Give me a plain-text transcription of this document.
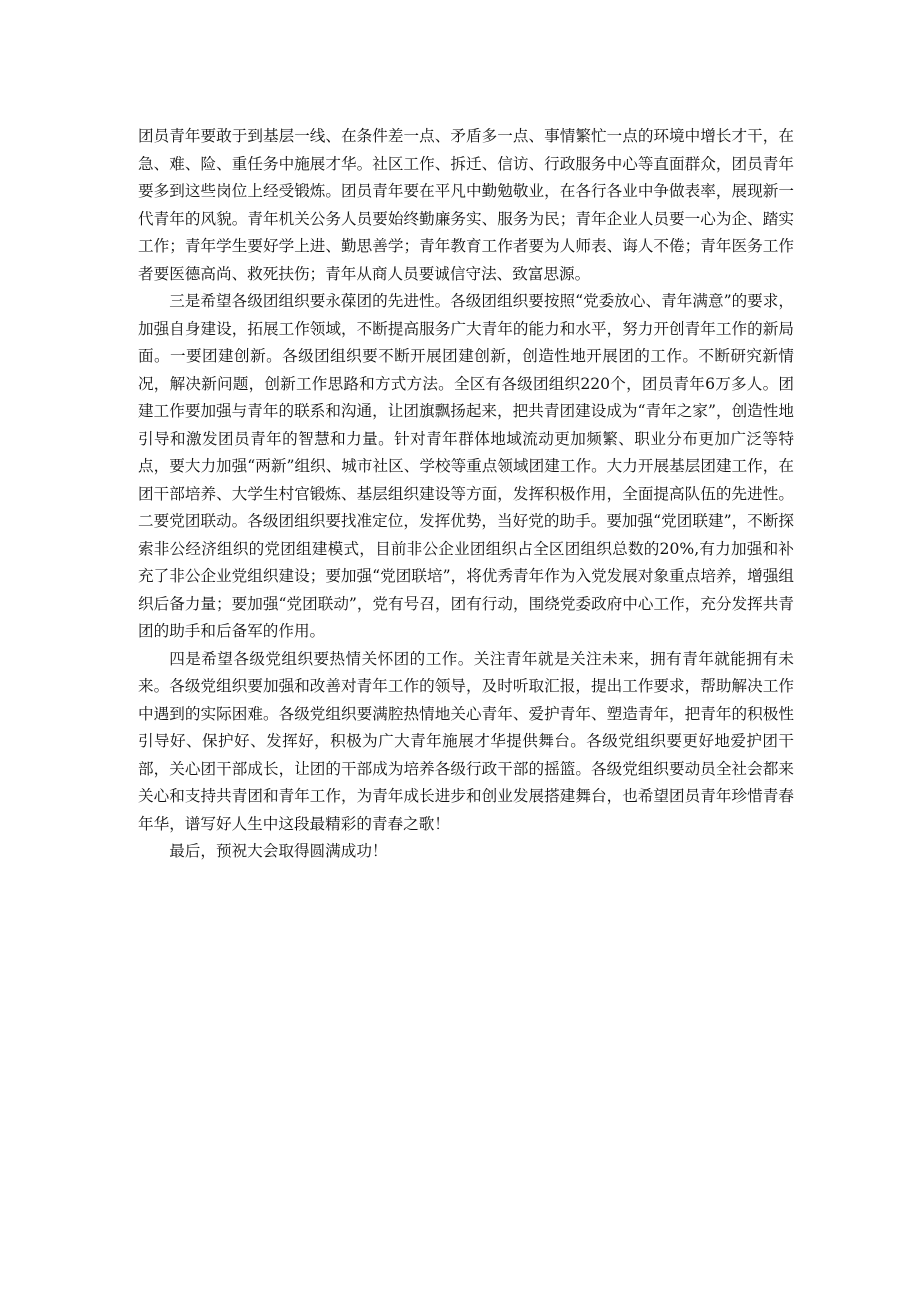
团员青年要敢于到基层一线、在条件差一点、矛盾多一点、事情繁忙一点的环境中增长才干，在急、难、险、重任务中施展才华。社区工作、拆迁、信访、行政服务中心等直面群众，团员青年要多到这些岗位上经受锻炼。团员青年要在平凡中勤勉敬业，在各行各业中争做表率，展现新一代青年的风貌。青年机关公务人员要始终勤廉务实、服务为民；青年企业人员要一心为企、踏实工作；青年学生要好学上进、勤思善学；青年教育工作者要为人师表、诲人不倦；青年医务工作者要医德高尚、救死扶伤；青年从商人员要诚信守法、致富思源。

三是希望各级团组织要永葆团的先进性。各级团组织要按照“党委放心、青年满意”的要求，加强自身建设，拓展工作领域，不断提高服务广大青年的能力和水平，努力开创青年工作的新局面。一要团建创新。各级团组织要不断开展团建创新，创造性地开展团的工作。不断研究新情况，解决新问题，创新工作思路和方式方法。全区有各级团组织220个，团员青年6万多人。团建工作要加强与青年的联系和沟通，让团旗飘扬起来，把共青团建设成为“青年之家”，创造性地引导和激发团员青年的智慧和力量。针对青年群体地域流动更加频繁、职业分布更加广泛等特点，要大力加强“两新”组织、城市社区、学校等重点领域团建工作。大力开展基层团建工作，在团干部培养、大学生村官锻炼、基层组织建设等方面，发挥积极作用，全面提高队伍的先进性。二要党团联动。各级团组织要找准定位，发挥优势，当好党的助手。要加强“党团联建”，不断探索非公经济组织的党团组建模式，目前非公企业团组织占全区团组织总数的20%,有力加强和补充了非公企业党组织建设；要加强“党团联培”，将优秀青年作为入党发展对象重点培养，增强组织后备力量；要加强“党团联动”，党有号召，团有行动，围绕党委政府中心工作，充分发挥共青团的助手和后备军的作用。

四是希望各级党组织要热情关怀团的工作。关注青年就是关注未来，拥有青年就能拥有未来。各级党组织要加强和改善对青年工作的领导，及时听取汇报，提出工作要求，帮助解决工作中遇到的实际困难。各级党组织要满腔热情地关心青年、爱护青年、塑造青年，把青年的积极性引导好、保护好、发挥好，积极为广大青年施展才华提供舞台。各级党组织要更好地爱护团干部，关心团干部成长，让团的干部成为培养各级行政干部的摇篮。各级党组织要动员全社会都来关心和支持共青团和青年工作，为青年成长进步和创业发展搭建舞台，也希望团员青年珍惜青春年华，谱写好人生中这段最精彩的青春之歌！

最后，预祝大会取得圆满成功！
